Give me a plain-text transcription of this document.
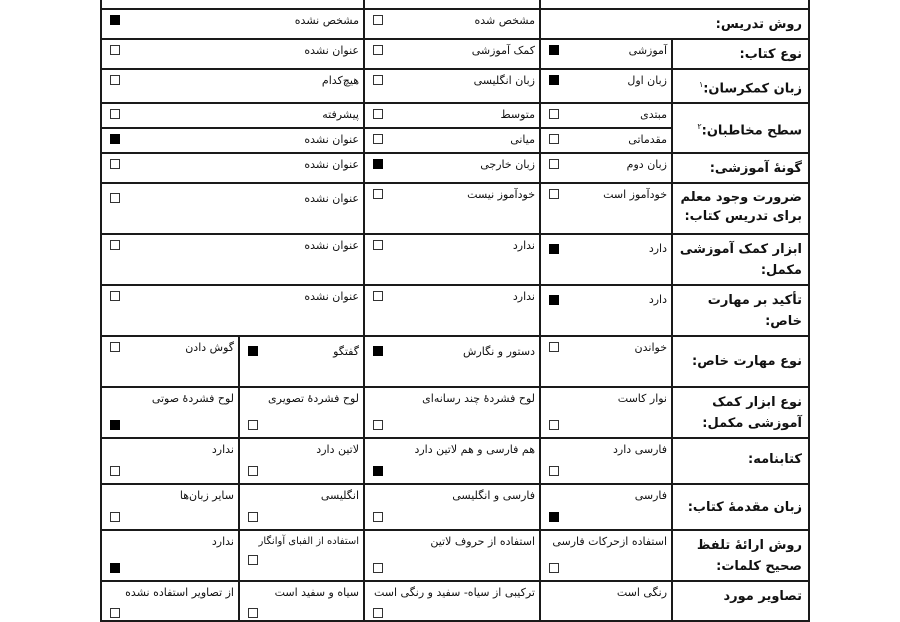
روش تدریس:		مشخص شده	مشخص نشده	

نوع کتاب:	آموزشی	کمک آموزشی	عنوان نشده	

زبان کمکرسان:$^۱$	زبان اول	زبان انگلیسی	هیچ‌کدام	

سطح مخاطبان:$^۲$	مبتدی	متوسط	پیشرفته	

	مقدماتی	میانی	عنوان نشده	

گونهٔ آموزشی:	زبان دوم	زبان خارجی	عنوان نشده	

ضرورت وجود معلم برای تدریس کتاب:	خودآموز است	خودآموز نیست	عنوان نشده	

ابزار کمک آموزشی مکمل:	دارد	ندارد	عنوان نشده	

تأکید بر مهارت خاص:	دارد	ندارد	عنوان نشده	

نوع مهارت خاص:	خواندن	دستور و نگارش	گفتگو	گوش دادن

نوع ابزار کمک آموزشی مکمل:	نوار کاست	لوح فشردهٔ چند رسانه‌ای	لوح فشردهٔ تصویری	لوح فشردهٔ صوتی

کتابنامه:	فارسی دارد	هم فارسی و هم لاتین دارد	لاتین دارد	ندارد

زبان مقدمهٔ کتاب:	فارسی	فارسی و انگلیسی	انگلیسی	سایر زبان‌ها

روش ارائهٔ تلفظ صحیح کلمات:	استفاده ازحرکات فارسی	استفاده از حروف لاتین	استفاده از الفبای آوانگار	ندارد

تصاویر مورد	رنگی است	ترکیبی از سیاه- سفید و رنگی است	سیاه و سفید است	از تصاویر استفاده نشده
